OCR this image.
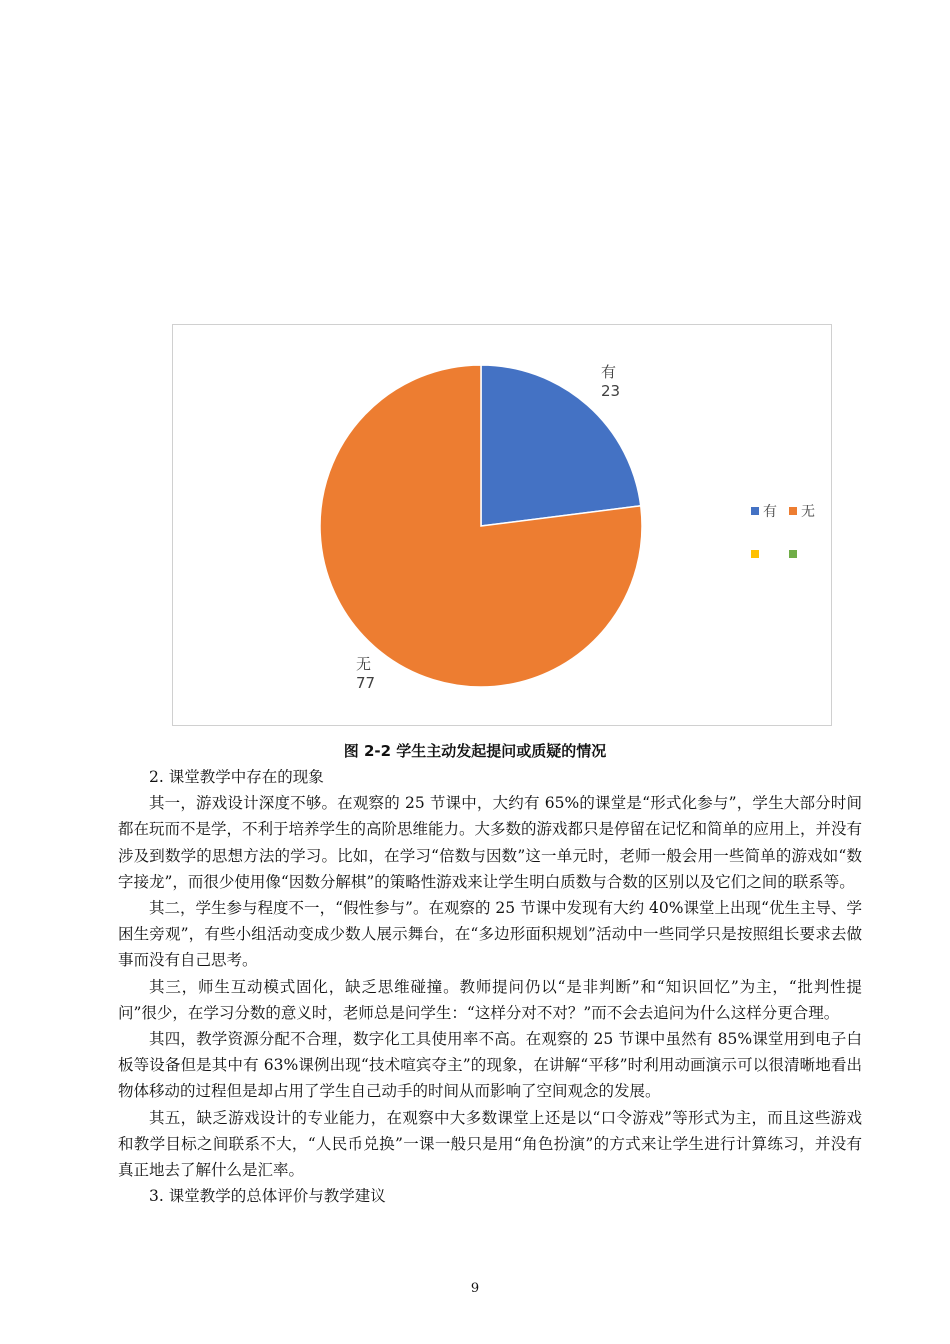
有
23
无
77
有 无
图 2-2 学生主动发起提问或质疑的情况

2. 课堂教学中存在的现象

其一，游戏设计深度不够。在观察的 25 节课中，大约有 65%的课堂是“形式化参与”，学生大部分时间都在玩而不是学，不利于培养学生的高阶思维能力。大多数的游戏都只是停留在记忆和简单的应用上，并没有涉及到数学的思想方法的学习。比如，在学习“倍数与因数”这一单元时，老师一般会用一些简单的游戏如“数字接龙”，而很少使用像“因数分解棋”的策略性游戏来让学生明白质数与合数的区别以及它们之间的联系等。

其二，学生参与程度不一，“假性参与”。在观察的 25 节课中发现有大约 40%课堂上出现“优生主导、学困生旁观”，有些小组活动变成少数人展示舞台，在“多边形面积规划”活动中一些同学只是按照组长要求去做事而没有自己思考。

其三，师生互动模式固化，缺乏思维碰撞。教师提问仍以“是非判断”和“知识回忆”为主，“批判性提问”很少，在学习分数的意义时，老师总是问学生：“这样分对不对？”而不会去追问为什么这样分更合理。

其四，教学资源分配不合理，数字化工具使用率不高。在观察的 25 节课中虽然有 85%课堂用到电子白板等设备但是其中有 63%课例出现“技术喧宾夺主”的现象，在讲解“平移”时利用动画演示可以很清晰地看出物体移动的过程但是却占用了学生自己动手的时间从而影响了空间观念的发展。

其五，缺乏游戏设计的专业能力，在观察中大多数课堂上还是以“口令游戏”等形式为主，而且这些游戏和教学目标之间联系不大，“人民币兑换”一课一般只是用“角色扮演”的方式来让学生进行计算练习，并没有真正地去了解什么是汇率。

3. 课堂教学的总体评价与教学建议

9
